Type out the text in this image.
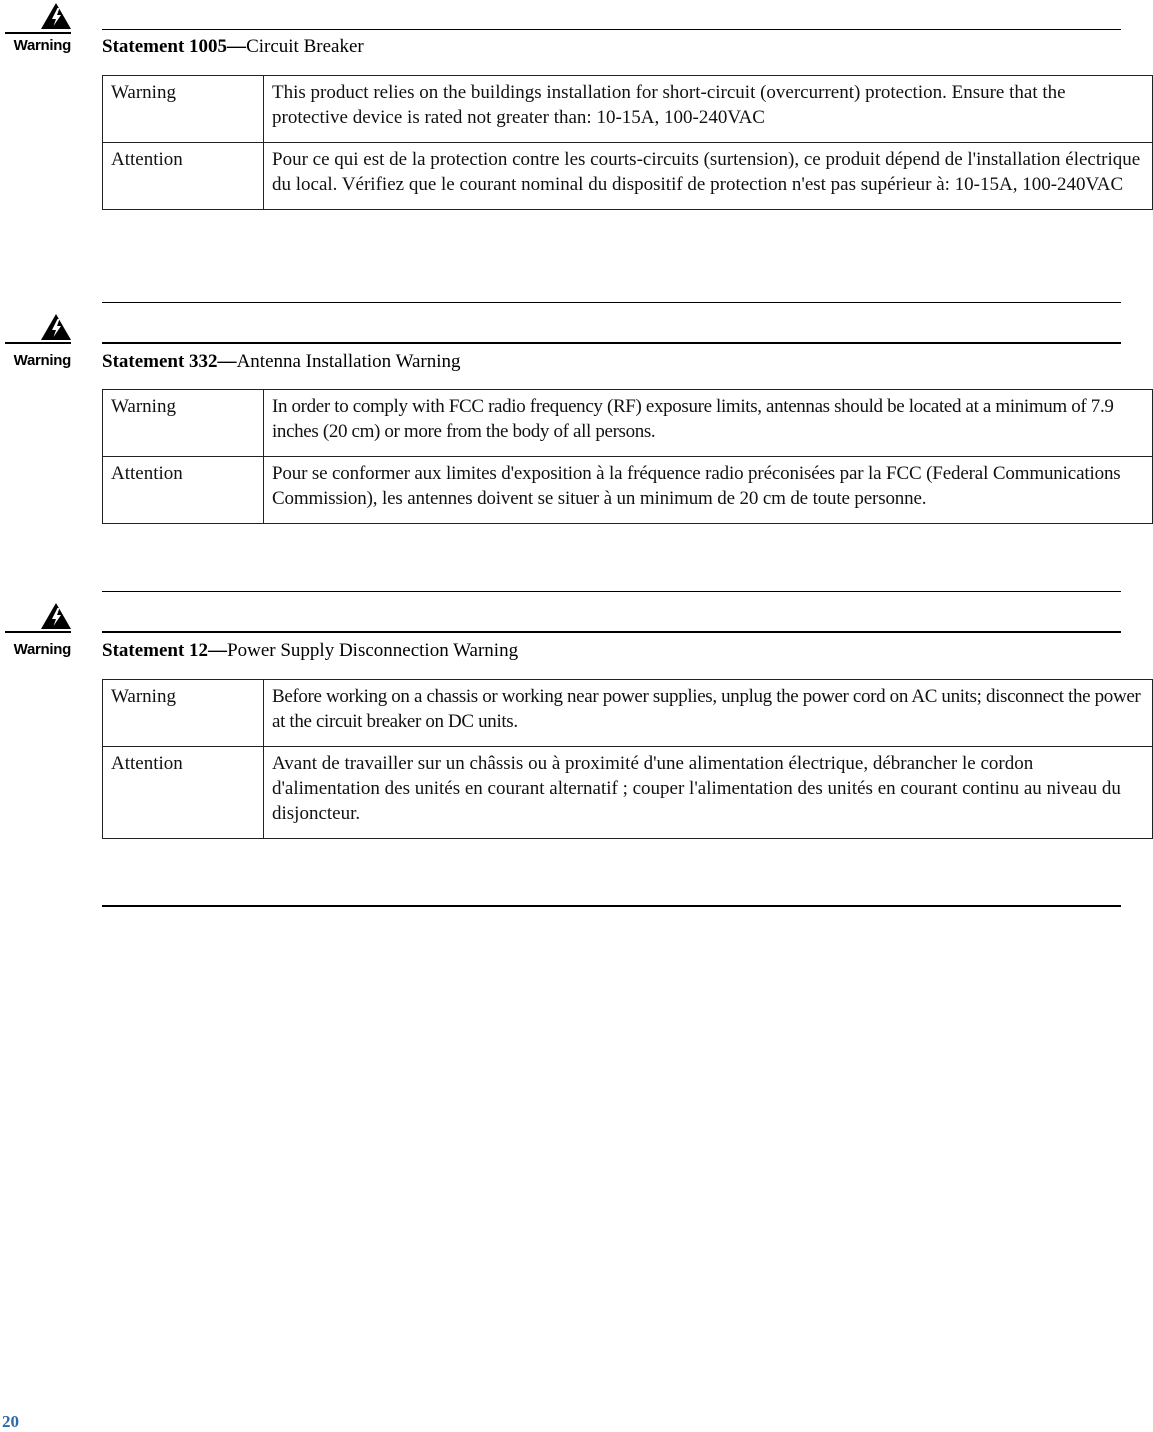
Warning Statement 1005—Circuit Breaker
Warning	This product relies on the buildings installation for short-circuit (overcurrent) protection. Ensure that the protective device is rated not greater than: 10-15A, 100-240VAC
Attention	Pour ce qui est de la protection contre les courts-circuits (surtension), ce produit dépend de l'installation électrique du local. Vérifiez que le courant nominal du dispositif de protection n'est pas supérieur à: 10-15A, 100-240VAC
Warning Statement 332—Antenna Installation Warning
Warning	In order to comply with FCC radio frequency (RF) exposure limits, antennas should be located at a minimum of 7.9 inches (20 cm) or more from the body of all persons.
Attention	Pour se conformer aux limites d'exposition à la fréquence radio préconisées par la FCC (Federal Communications Commission), les antennes doivent se situer à un minimum de 20 cm de toute personne.
Warning Statement 12—Power Supply Disconnection Warning
Warning	Before working on a chassis or working near power supplies, unplug the power cord on AC units; disconnect the power at the circuit breaker on DC units.
Attention	Avant de travailler sur un châssis ou à proximité d'une alimentation électrique, débrancher le cordon d'alimentation des unités en courant alternatif ; couper l'alimentation des unités en courant continu au niveau du disjoncteur.
20
